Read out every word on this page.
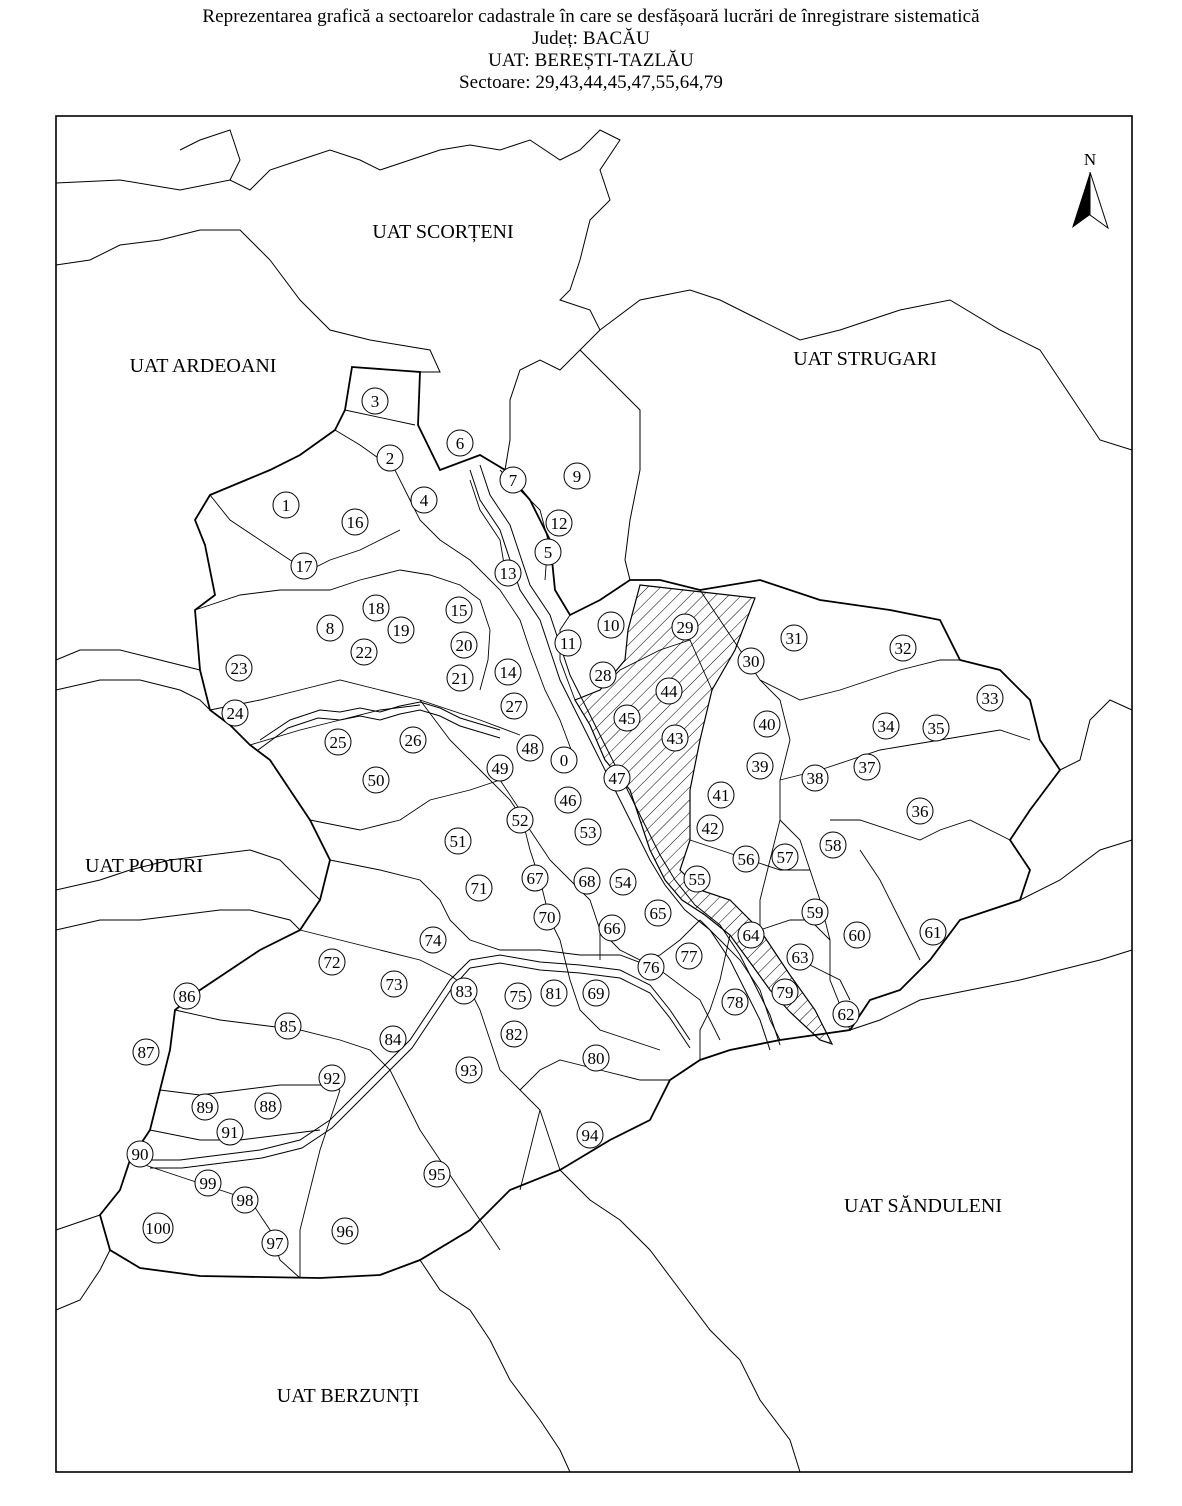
Reprezentarea grafică a sectoarelor cadastrale în care se desfășoară lucrări de înregistrare sistematică
Județ: BACĂU
UAT: BEREȘTI-TAZLĂU
Sectoare: 29,43,44,45,47,55,64,79
N
UAT SCORȚENI
UAT ARDEOANI	UAT STRUGARI
UAT PODURI
UAT SĂNDULENI
UAT BERZUNȚI
0
1
2
3
4
5
6
7
8
9
10
11
12
13
14
15
16
17
18
19
20
21
22
23
24
25	26
27
28
29
30
31
32
33
34 35
36
37
38
39
40
41
42
43
44
45
46
47
48
49
50
51
52
53
54	55
56 57
58
59
60	61
62
63
64
65
66
67 68
69
70
71
72
73
74
75
76
77
78
79
80
81
82
83
84
85
86
87
88
89
90
91
92	93
94
95
96
97
98
99
100
